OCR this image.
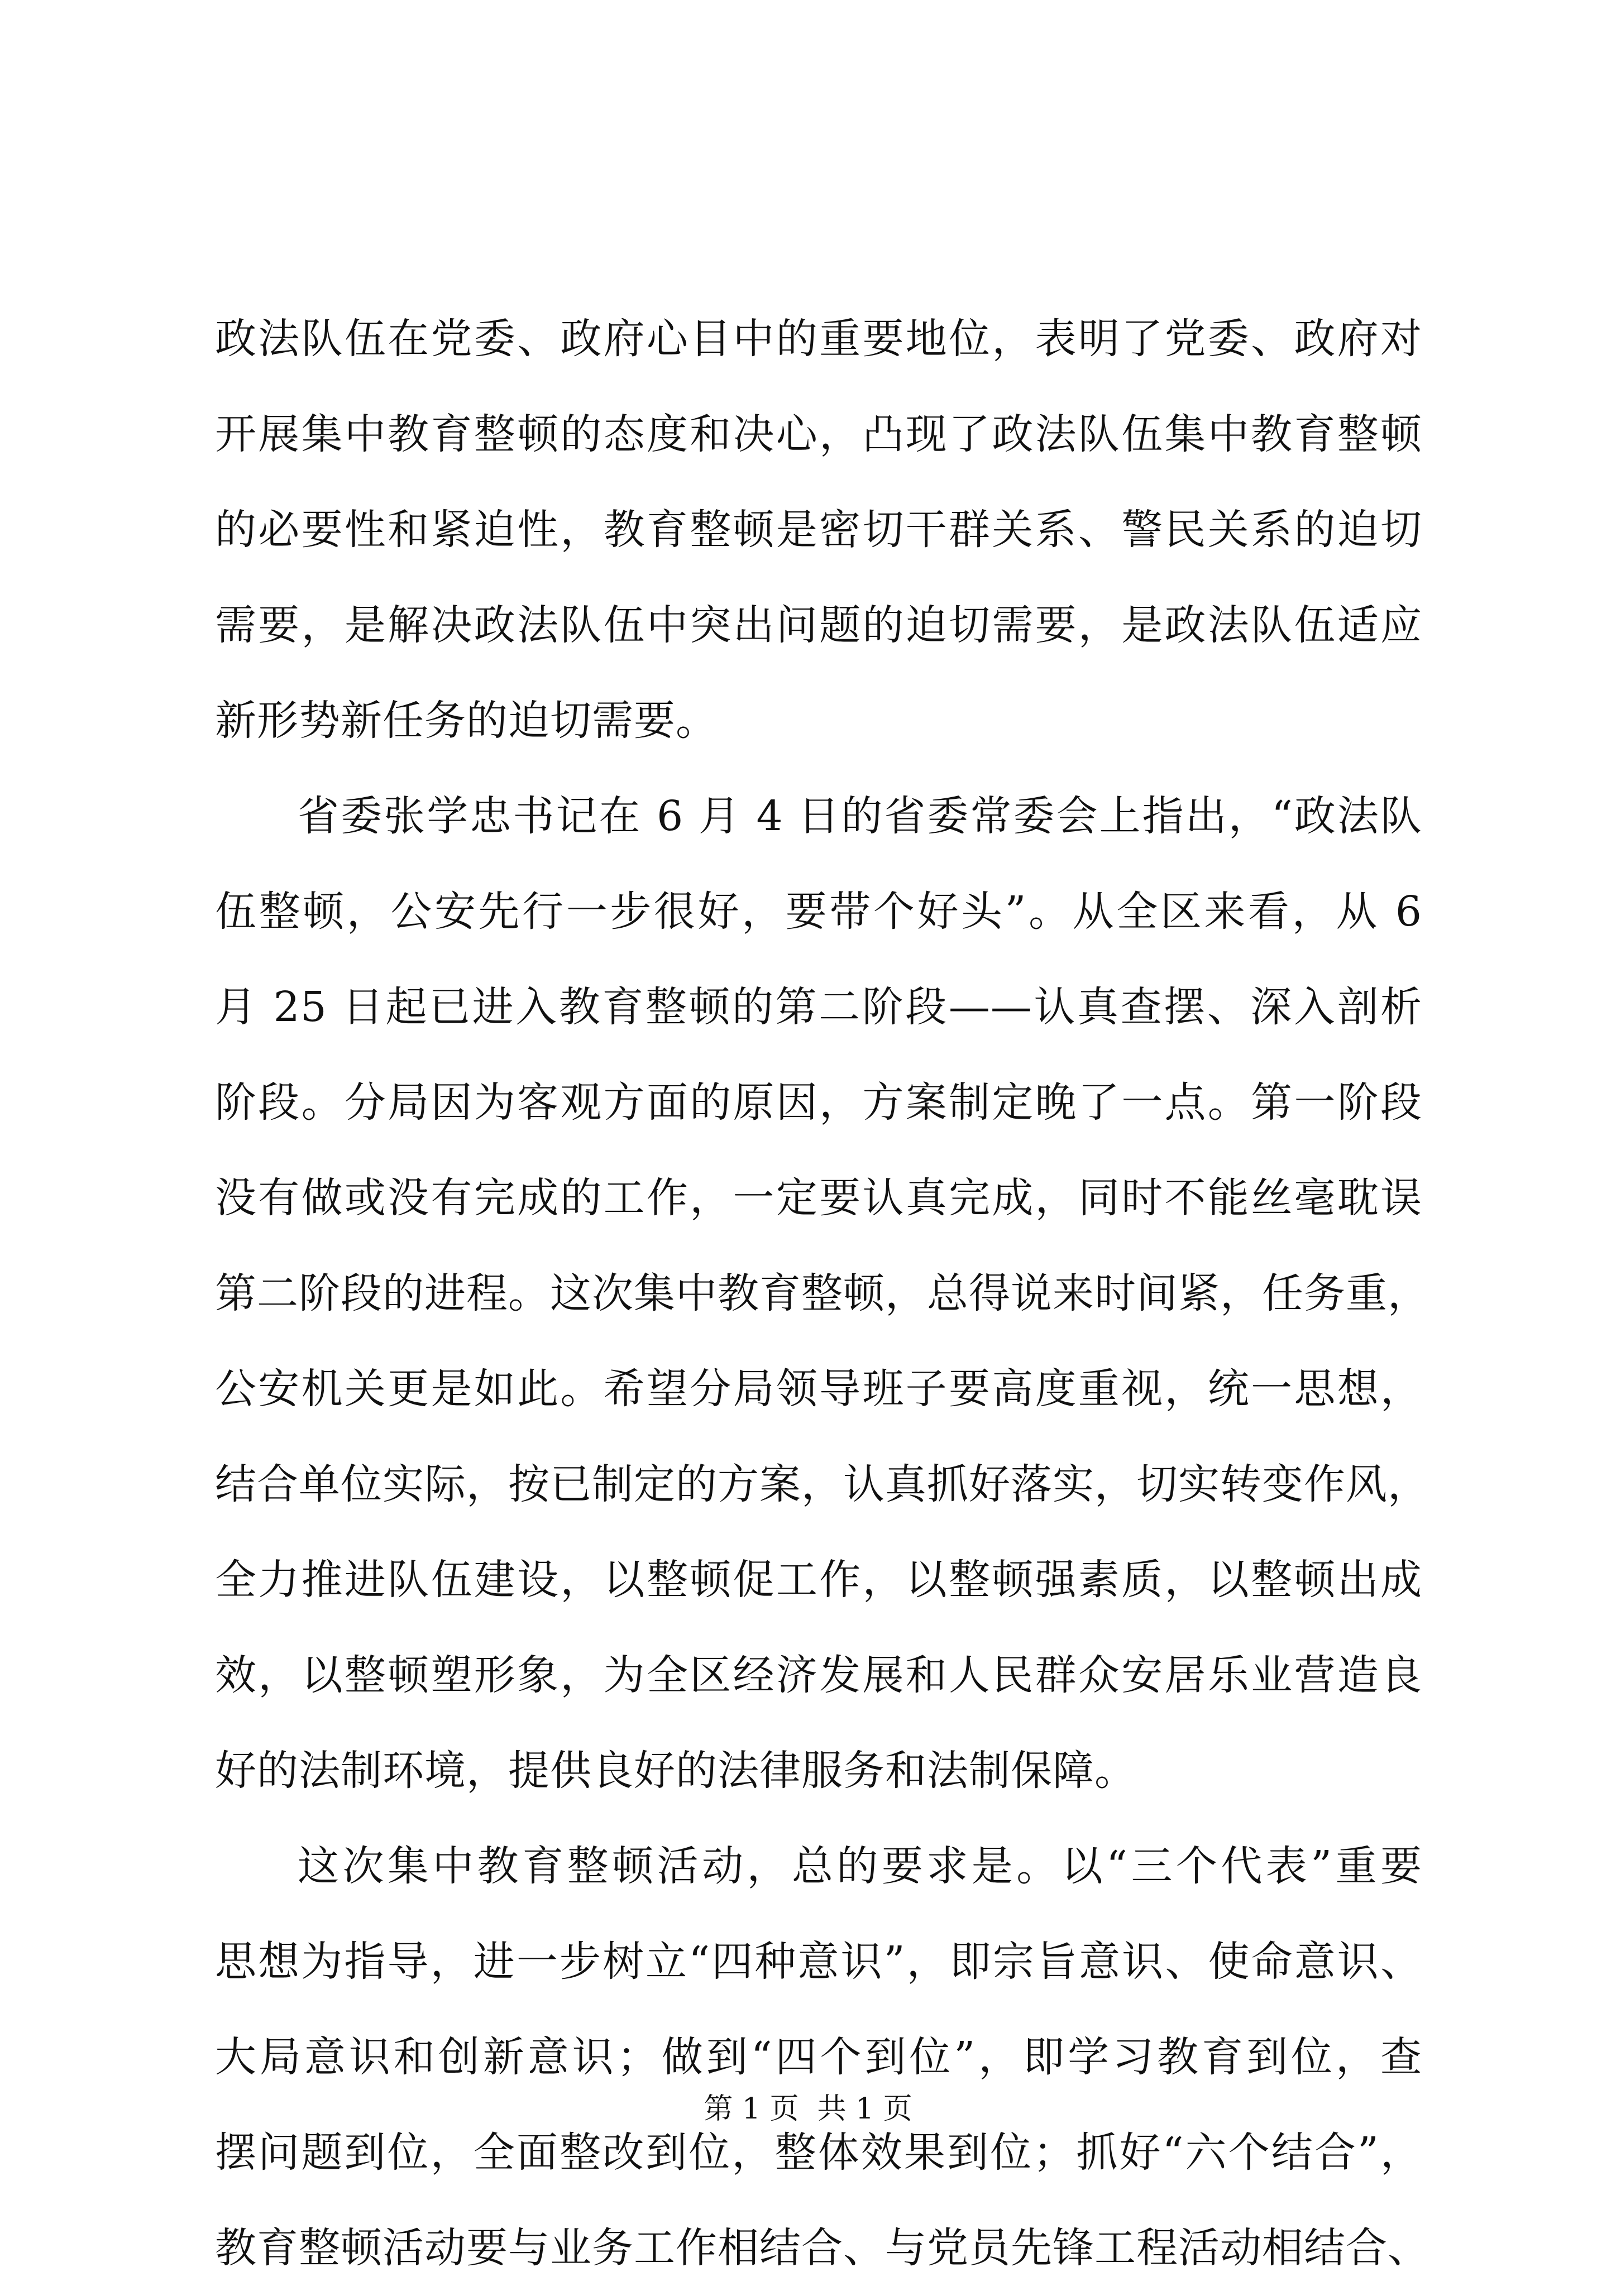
政法队伍在党委、政府心目中的重要地位，表明了党委、政府对
开展集中教育整顿的态度和决心，凸现了政法队伍集中教育整顿
的必要性和紧迫性，教育整顿是密切干群关系、警民关系的迫切
需要，是解决政法队伍中突出问题的迫切需要，是政法队伍适应
新形势新任务的迫切需要。
省委张学忠书记在 6 月 4 日的省委常委会上指出，“政法队
伍整顿，公安先行一步很好，要带个好头”。从全区来看，从 6
月 25 日起已进入教育整顿的第二阶段——认真查摆、深入剖析
阶段。分局因为客观方面的原因，方案制定晚了一点。第一阶段
没有做或没有完成的工作，一定要认真完成，同时不能丝毫耽误
第二阶段的进程。这次集中教育整顿，总得说来时间紧，任务重，
公安机关更是如此。希望分局领导班子要高度重视，统一思想，
结合单位实际，按已制定的方案，认真抓好落实，切实转变作风，
全力推进队伍建设，以整顿促工作，以整顿强素质，以整顿出成
效，以整顿塑形象，为全区经济发展和人民群众安居乐业营造良
好的法制环境，提供良好的法律服务和法制保障。
这次集中教育整顿活动，总的要求是。以“三个代表”重要
思想为指导，进一步树立“四种意识”，即宗旨意识、使命意识、
大局意识和创新意识；做到“四个到位”，即学习教育到位，查
摆问题到位，全面整改到位，整体效果到位；抓好“六个结合”，
教育整顿活动要与业务工作相结合、与党员先锋工程活动相结合、
第 1 页  共 1 页
